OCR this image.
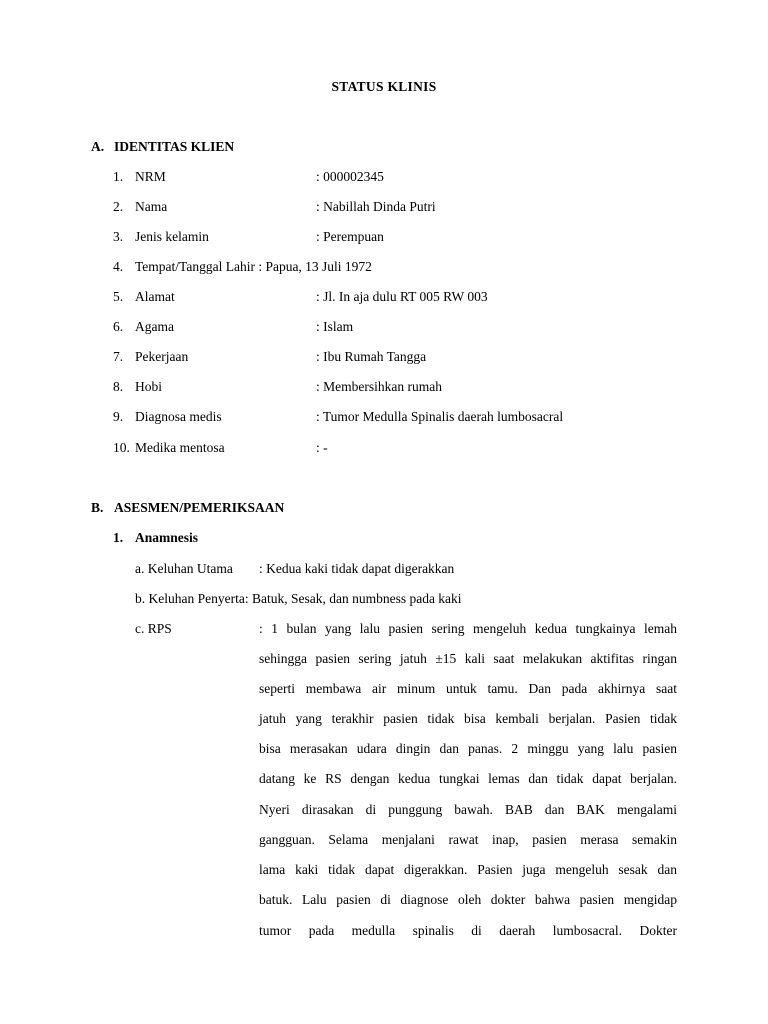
STATUS KLINIS
A. IDENTITAS KLIEN
1. NRM	: 000002345
2. Nama	: Nabillah Dinda Putri
3. Jenis kelamin	: Perempuan
4. Tempat/Tanggal Lahir : Papua, 13 Juli 1972
5. Alamat	: Jl. In aja dulu RT 005 RW 003
6. Agama	: Islam
7. Pekerjaan	: Ibu Rumah Tangga
8. Hobi	: Membersihkan rumah
9. Diagnosa medis	: Tumor Medulla Spinalis daerah lumbosacral
10. Medika mentosa	: -
B. ASESMEN/PEMERIKSAAN
1. Anamnesis
a. Keluhan Utama : Kedua kaki tidak dapat digerakkan
b. Keluhan Penyerta: Batuk, Sesak, dan numbness pada kaki
c. RPS	: 1 bulan yang lalu pasien sering mengeluh kedua tungkainya lemah
sehingga pasien sering jatuh ±15 kali saat melakukan aktifitas ringan
seperti membawa air minum untuk tamu. Dan pada akhirnya saat
jatuh yang terakhir pasien tidak bisa kembali berjalan. Pasien tidak
bisa merasakan udara dingin dan panas. 2 minggu yang lalu pasien
datang ke RS dengan kedua tungkai lemas dan tidak dapat berjalan.
Nyeri dirasakan di punggung bawah. BAB dan BAK mengalami
gangguan. Selama menjalani rawat inap, pasien merasa semakin
lama kaki tidak dapat digerakkan. Pasien juga mengeluh sesak dan
batuk. Lalu pasien di diagnose oleh dokter bahwa pasien mengidap
tumor pada medulla spinalis di daerah lumbosacral. Dokter
